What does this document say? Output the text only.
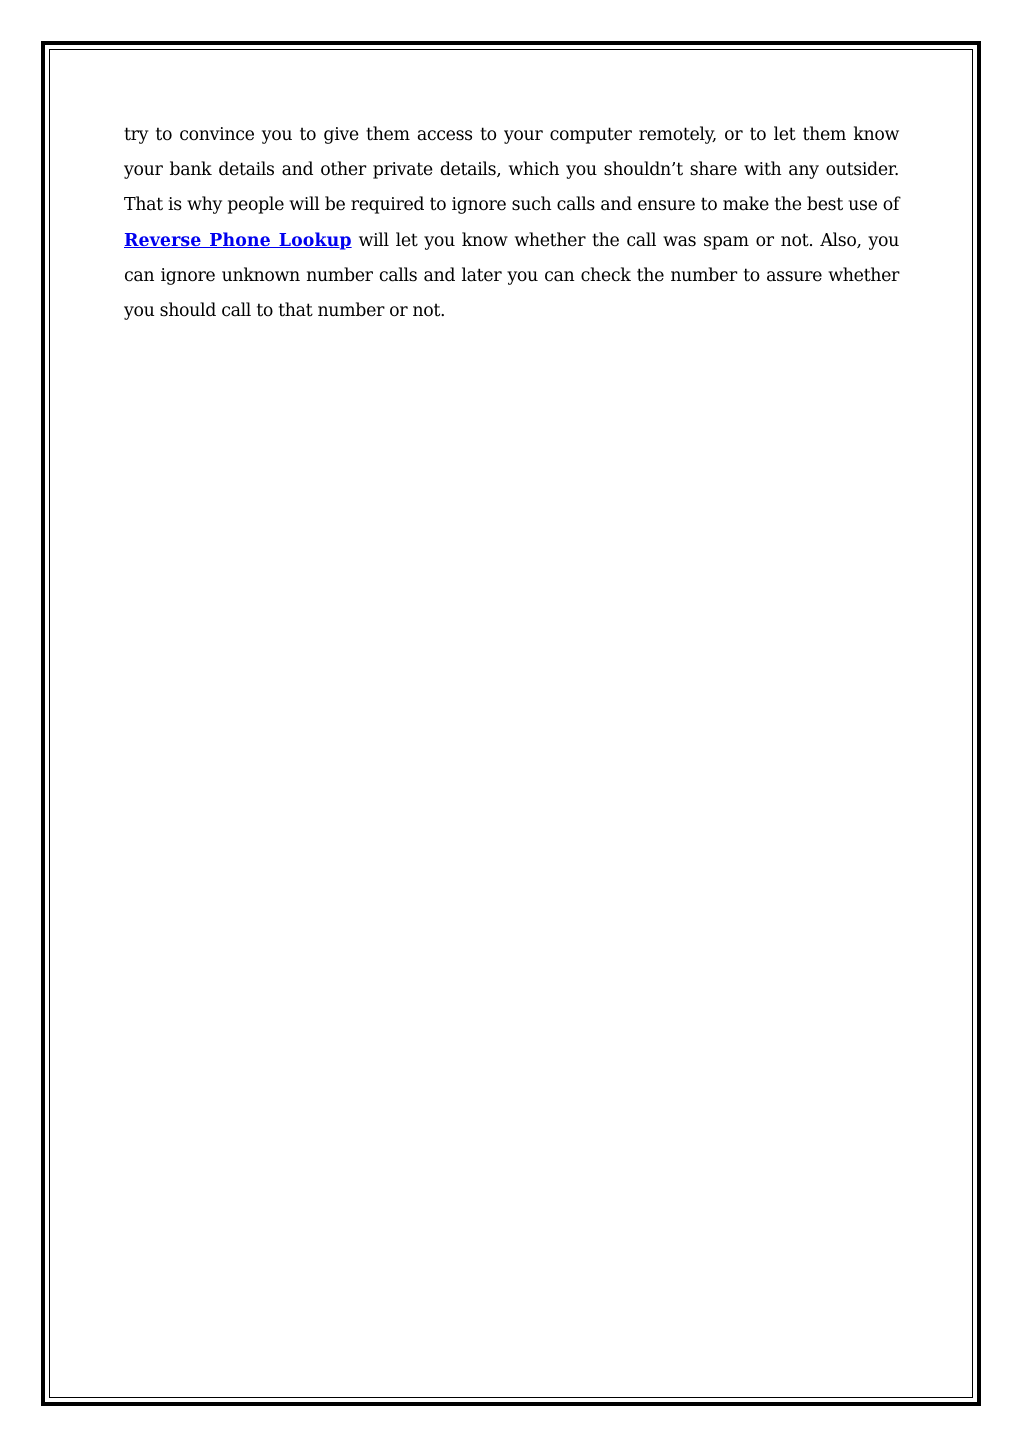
try to convince you to give them access to your computer remotely, or to let them know your bank details and other private details, which you shouldn’t share with any outsider. That is why people will be required to ignore such calls and ensure to make the best use of Reverse Phone Lookup will let you know whether the call was spam or not. Also, you can ignore unknown number calls and later you can check the number to assure whether you should call to that number or not.
